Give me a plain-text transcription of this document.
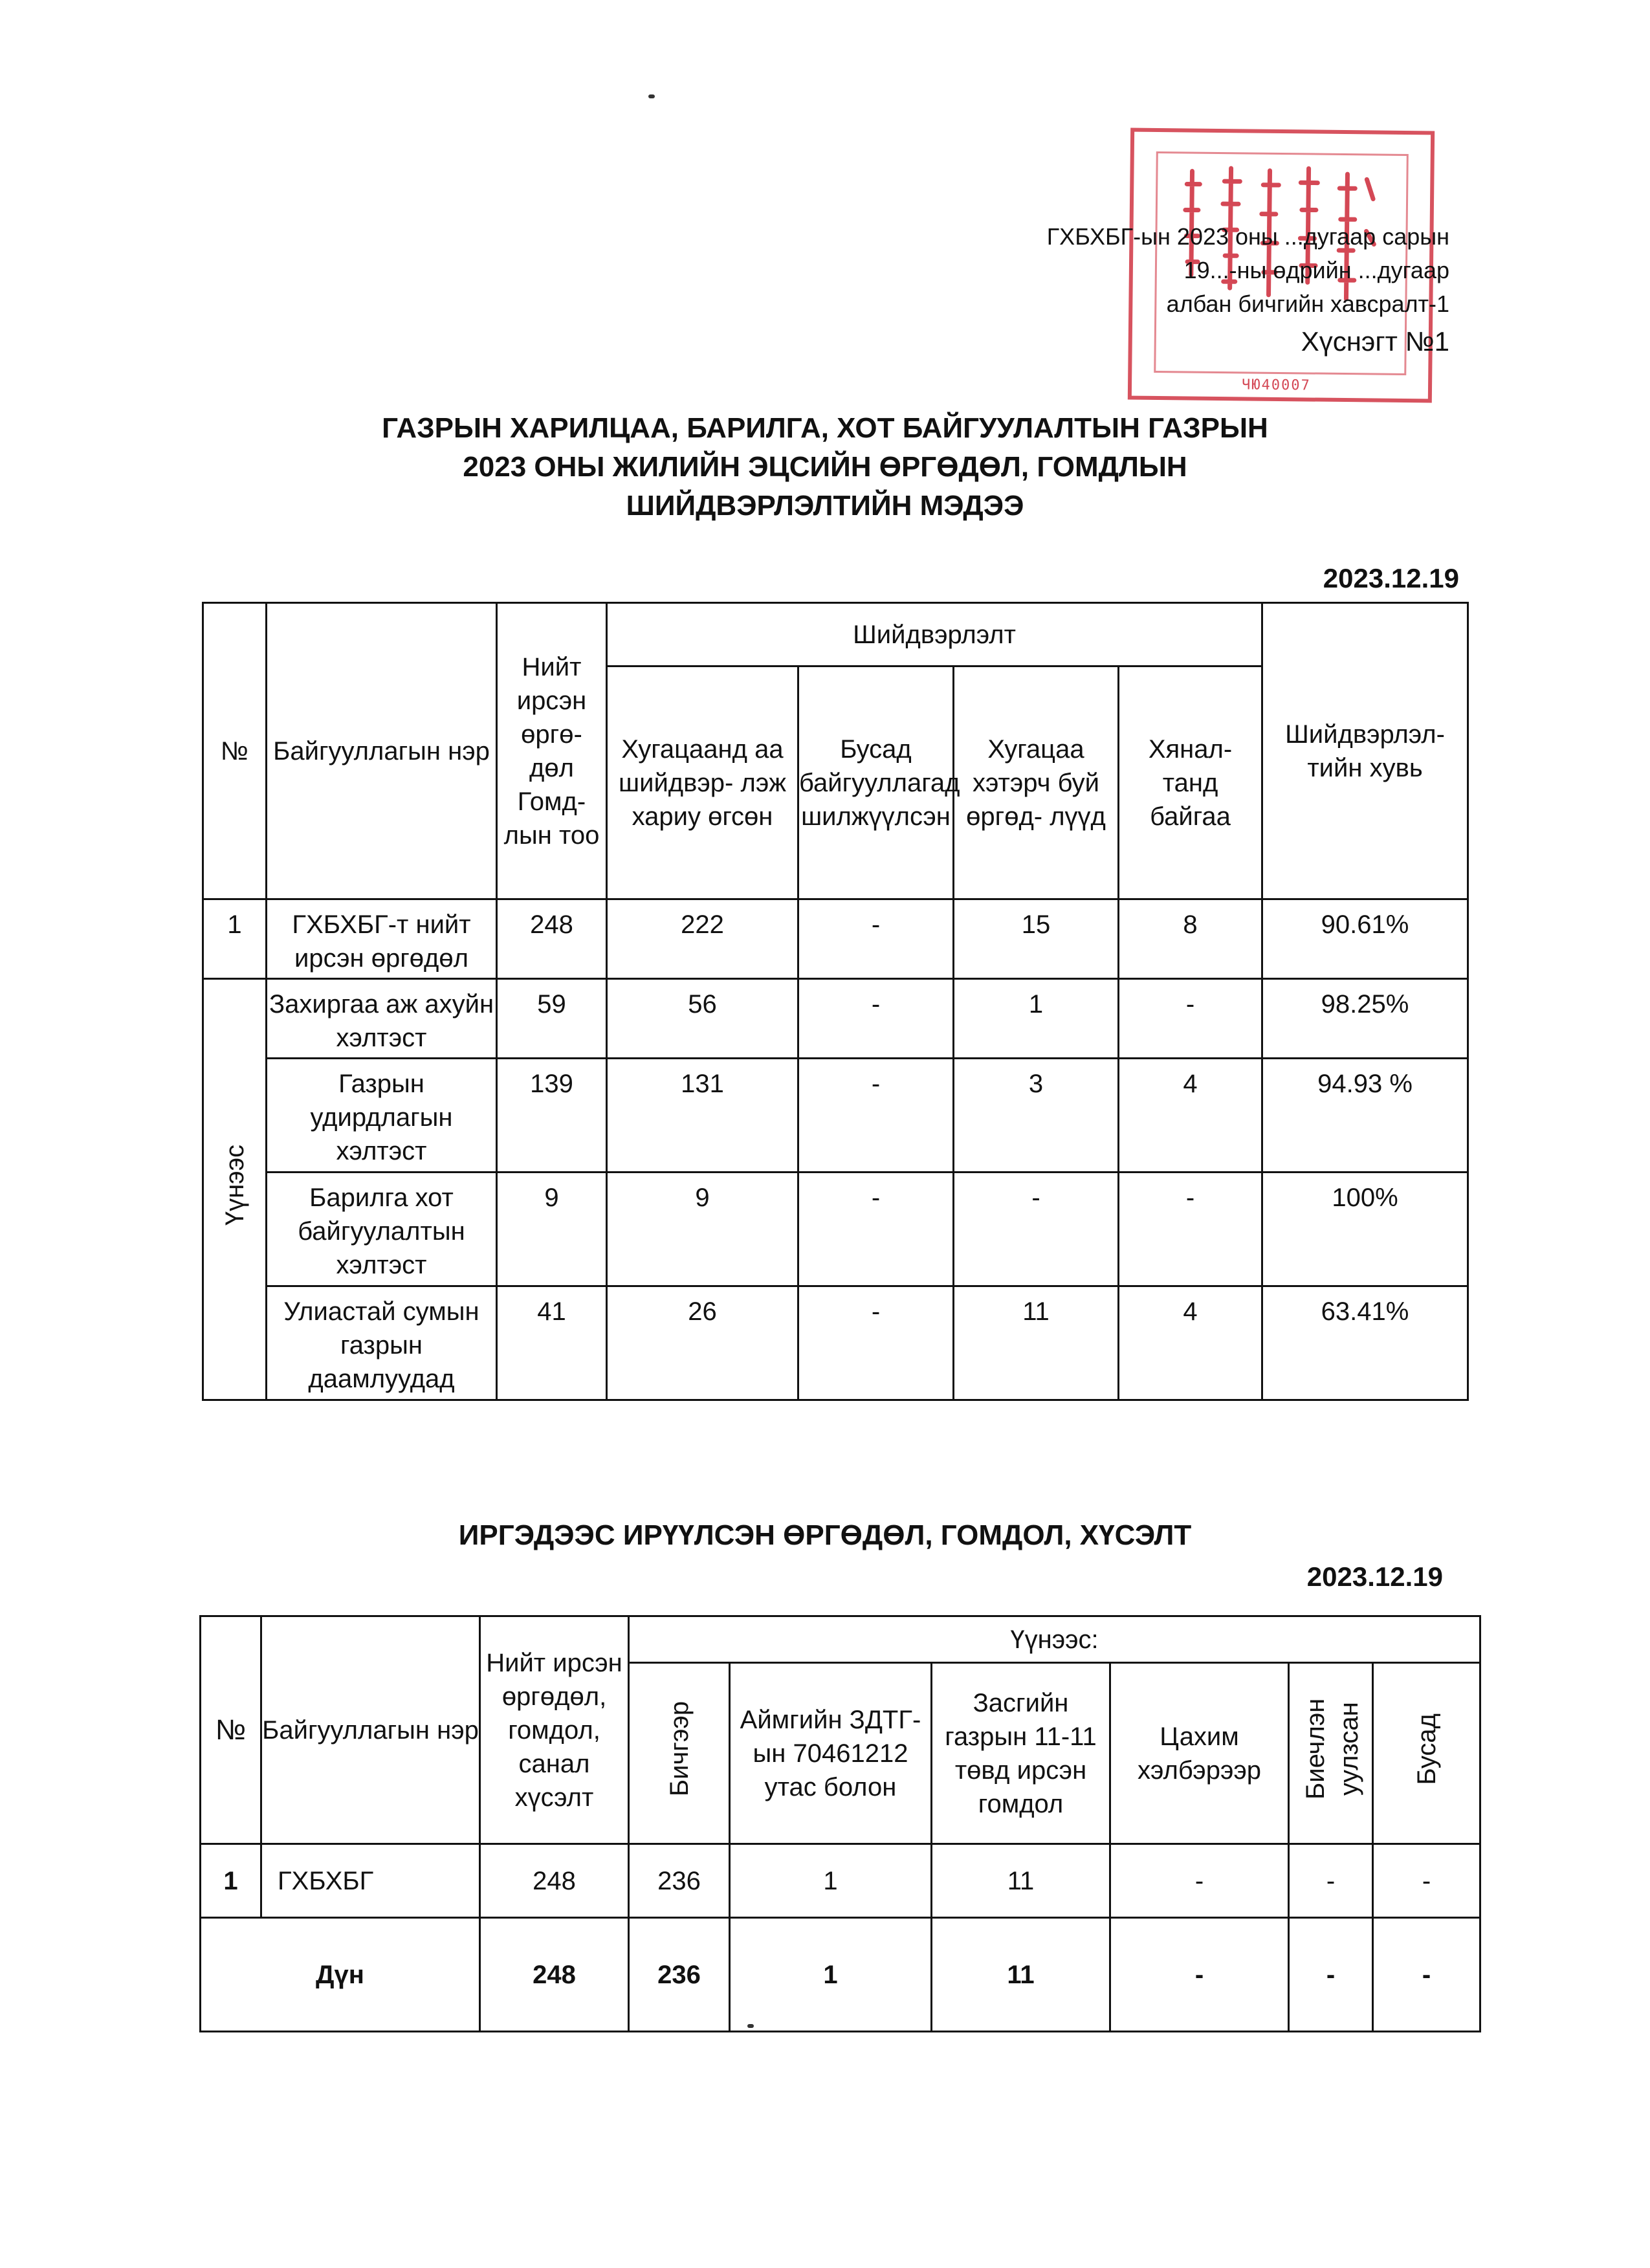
ЧЮ40007
ГХБХБГ-ын 2023 оны ...дугаар сарын
19...-ны өдрийн ...дугаар
албан бичгийн хавсралт-1
Хүснэгт №1
ГАЗРЫН ХАРИЛЦАА, БАРИЛГА, ХОТ БАЙГУУЛАЛТЫН ГАЗРЫН
2023 ОНЫ ЖИЛИЙН ЭЦСИЙН ӨРГӨДӨЛ, ГОМДЛЫН
ШИЙДВЭРЛЭЛТИЙН МЭДЭЭ
2023.12.19
№	Байгууллагын нэр	Нийт ирсэн өргө- дөл Гомд- лын тоо	Шийдвэрлэлт				Шийдвэрлэл- тийн хувь
			Хугацаанд аа шийдвэр- лэж хариу өгсөн	Бусад байгууллагад шилжүүлсэн	Хугацаа хэтэрч буй өргөд- лүүд	Хянал- танд байгаа	
1	ГХБХБГ-т нийт ирсэн өргөдөл	248	222	-	15	8	90.61%
Үүнээс	Захиргаа аж ахуйн хэлтэст	59	56	-	1	-	98.25%
	Газрын удирдлагын хэлтэст	139	131	-	3	4	94.93 %
	Барилга хот байгуулалтын хэлтэст	9	9	-	-	-	100%
	Улиастай сумын газрын даамлуудад	41	26	-	11	4	63.41%
ИРГЭДЭЭС ИРҮҮЛСЭН ӨРГӨДӨЛ, ГОМДОЛ, ХҮСЭЛТ
2023.12.19
№	Байгууллагын нэр	Нийт ирсэн өргөдөл, гомдол, санал хүсэлт	Үүнээс:					
			Бичгээр	Аймгийн ЗДТГ-ын 70461212 утас болон	Засгийн газрын 11-11 төвд ирсэн гомдол	Цахим хэлбэрээр	Биечлэн уулзсан	Бусад
1	ГХБХБГ	248	236	1	11	-	-	-
Дүн		248	236	1	11	-	-	-
